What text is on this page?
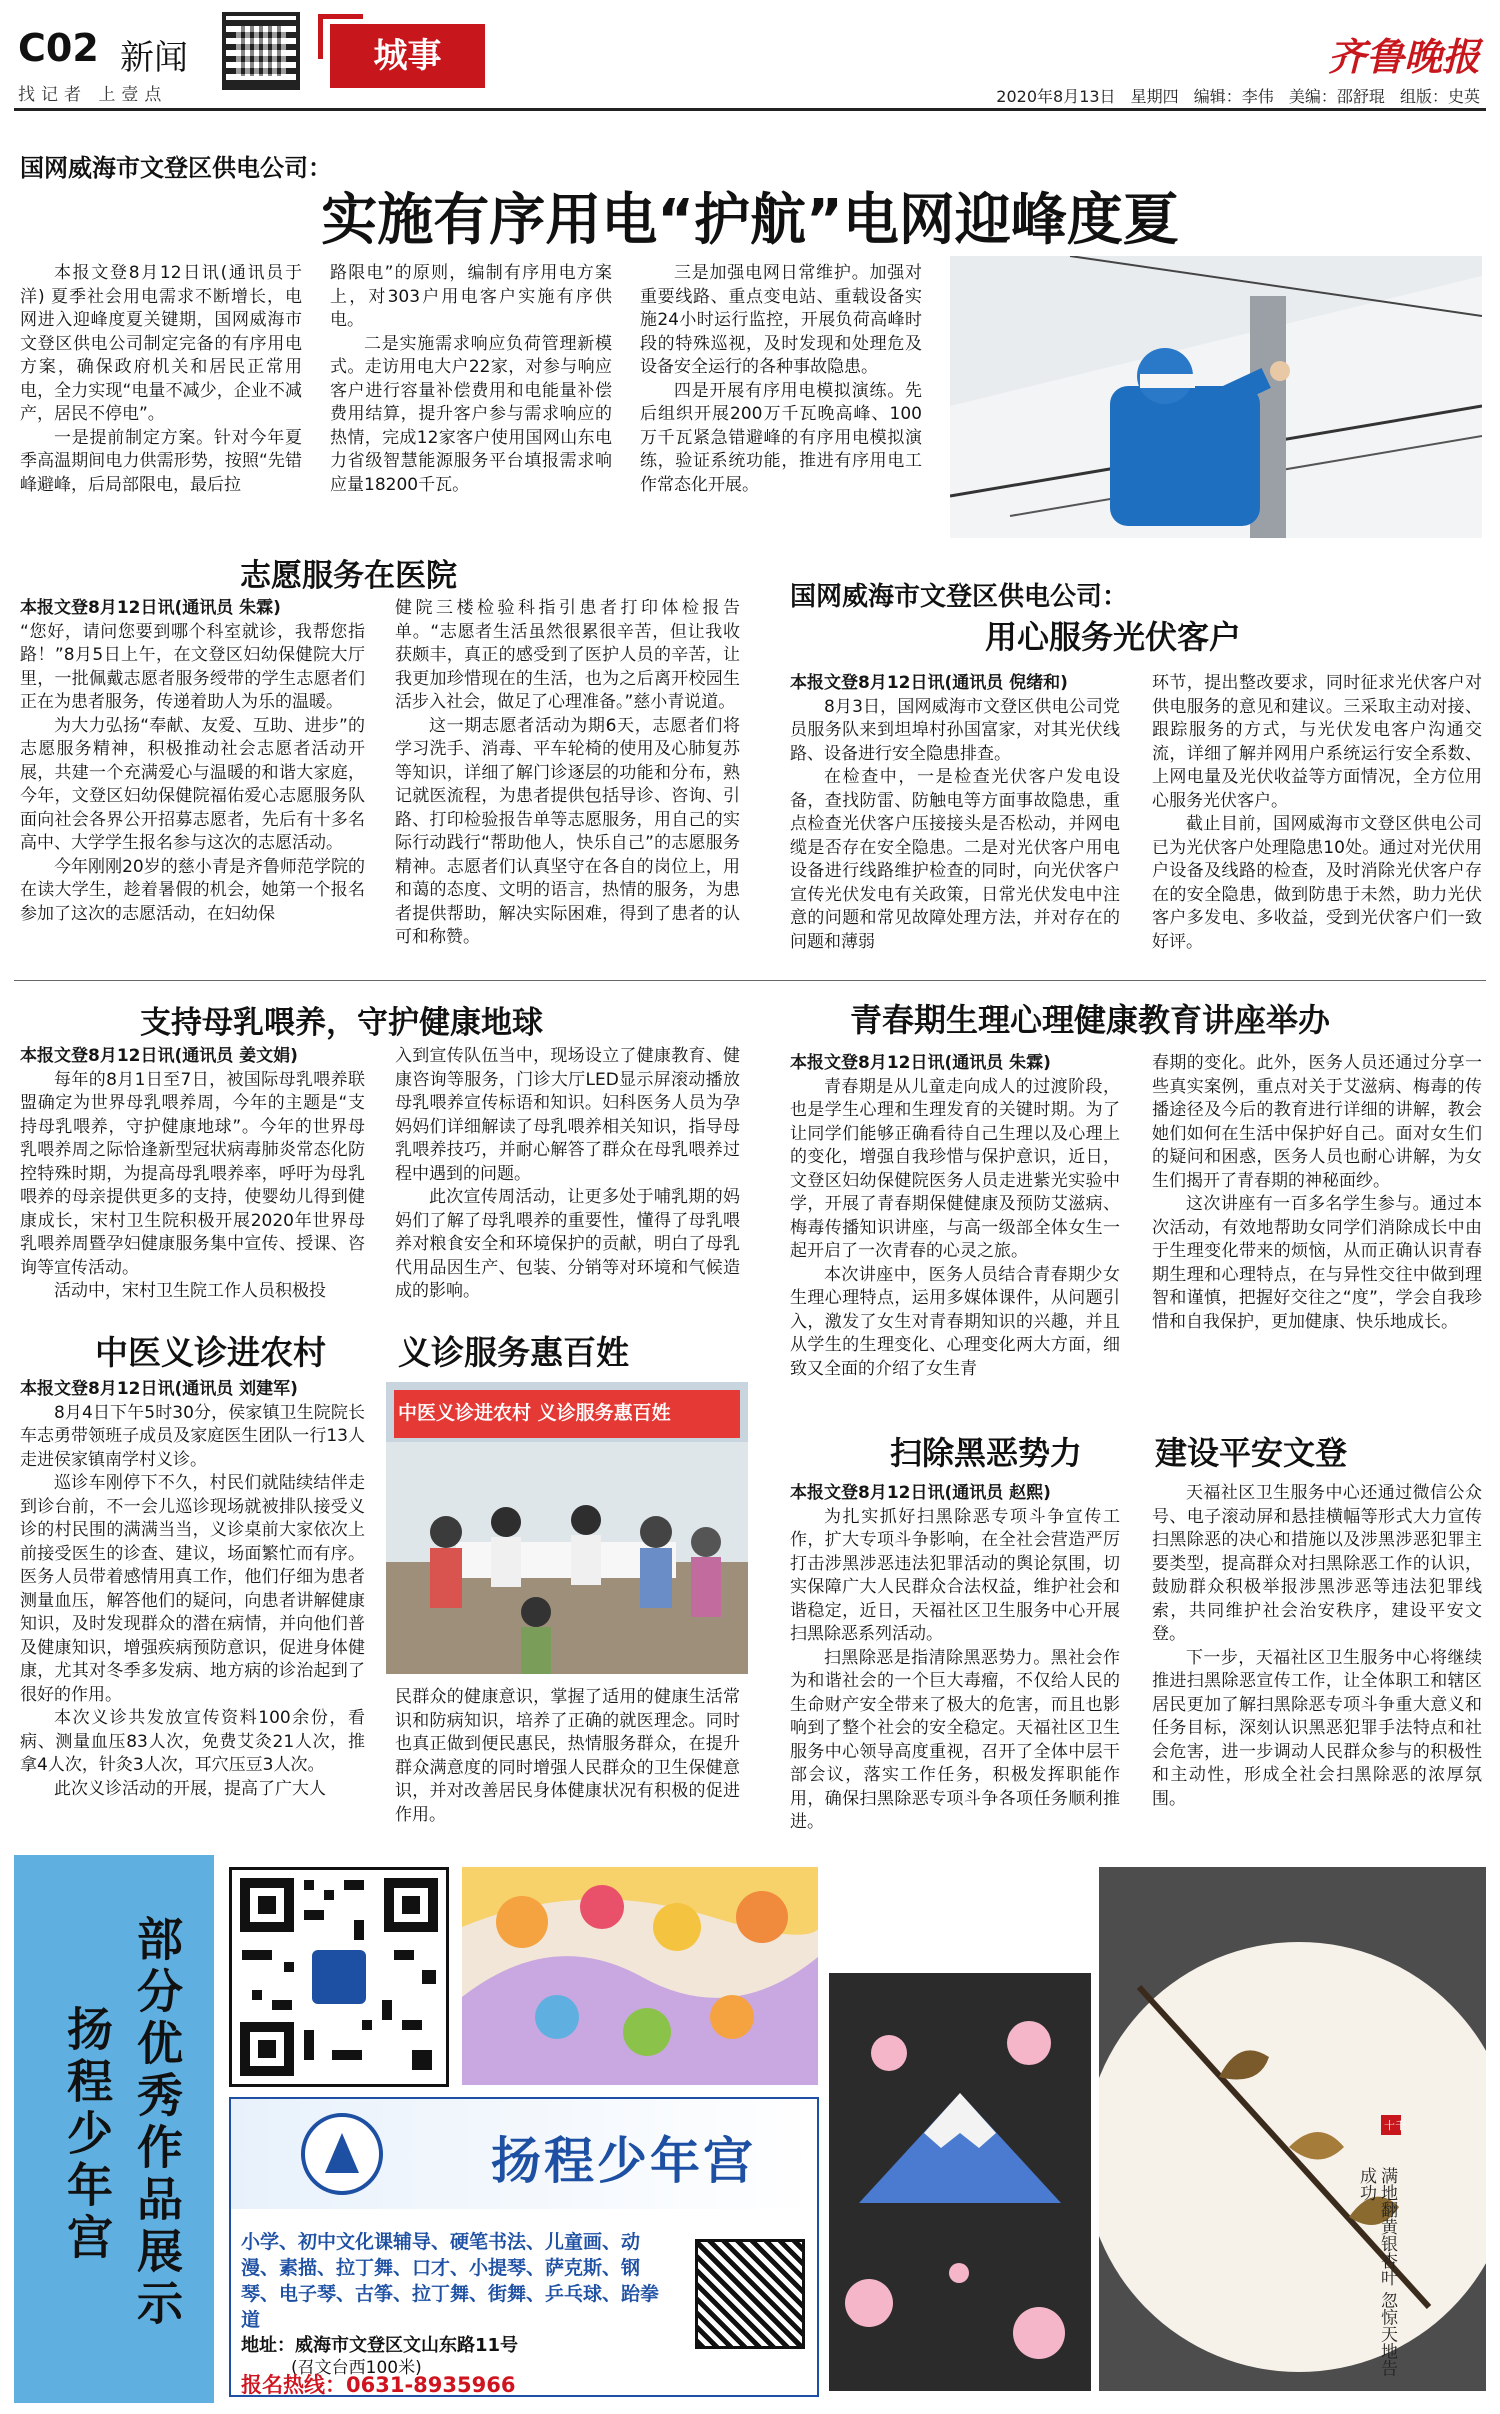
C02 新闻
找记者 上壹点
城事	齐鲁晚报
2020年8月13日 星期四 编辑：李伟 美编：邵舒琨 组版：史英
国网威海市文登区供电公司：
实施有序用电“护航”电网迎峰度夏

本报文登8月12日讯(通讯员于洋) 夏季社会用电需求不断增长，电网进入迎峰度夏关键期，国网威海市文登区供电公司制定完备的有序用电方案，确保政府机关和居民正常用电，全力实现“电量不减少，企业不减产，居民不停电”。

一是提前制定方案。针对今年夏季高温期间电力供需形势，按照“先错峰避峰，后局部限电，最后拉

路限电”的原则，编制有序用电方案上，对303户用电客户实施有序供电。

二是实施需求响应负荷管理新模式。走访用电大户22家，对参与响应客户进行容量补偿费用和电能量补偿费用结算，提升客户参与需求响应的热情，完成12家客户使用国网山东电力省级智慧能源服务平台填报需求响应量18200千瓦。

三是加强电网日常维护。加强对重要线路、重点变电站、重载设备实施24小时运行监控，开展负荷高峰时段的特殊巡视，及时发现和处理危及设备安全运行的各种事故隐患。

四是开展有序用电模拟演练。先后组织开展200万千瓦晚高峰、100万千瓦紧急错避峰的有序用电模拟演练，验证系统功能，推进有序用电工作常态化开展。

志愿服务在医院

本报文登8月12日讯(通讯员 朱霖)

“您好，请问您要到哪个科室就诊，我帮您指路！”8月5日上午，在文登区妇幼保健院大厅里，一批佩戴志愿者服务绶带的学生志愿者们正在为患者服务，传递着助人为乐的温暖。

为大力弘扬“奉献、友爱、互助、进步”的志愿服务精神，积极推动社会志愿者活动开展，共建一个充满爱心与温暖的和谐大家庭，今年，文登区妇幼保健院福佑爱心志愿服务队面向社会各界公开招募志愿者，先后有十多名高中、大学学生报名参与这次的志愿活动。

今年刚刚20岁的慈小青是齐鲁师范学院的在读大学生，趁着暑假的机会，她第一个报名参加了这次的志愿活动，在妇幼保

健院三楼检验科指引患者打印体检报告单。“志愿者生活虽然很累很辛苦，但让我收获颇丰，真正的感受到了医护人员的辛苦，让我更加珍惜现在的生活，也为之后离开校园生活步入社会，做足了心理准备。”慈小青说道。

这一期志愿者活动为期6天，志愿者们将学习洗手、消毒、平车轮椅的使用及心肺复苏等知识，详细了解门诊逐层的功能和分布，熟记就医流程，为患者提供包括导诊、咨询、引路、打印检验报告单等志愿服务，用自己的实际行动践行“帮助他人，快乐自己”的志愿服务精神。志愿者们认真坚守在各自的岗位上，用和蔼的态度、文明的语言，热情的服务，为患者提供帮助，解决实际困难，得到了患者的认可和称赞。

国网威海市文登区供电公司：
用心服务光伏客户

本报文登8月12日讯(通讯员 倪绪和)

8月3日，国网威海市文登区供电公司党员服务队来到坦埠村孙国富家，对其光伏线路、设备进行安全隐患排查。

在检查中，一是检查光伏客户发电设备，查找防雷、防触电等方面事故隐患，重点检查光伏客户压接接头是否松动，并网电缆是否存在安全隐患。二是对光伏客户用电设备进行线路维护检查的同时，向光伏客户宣传光伏发电有关政策，日常光伏发电中注意的问题和常见故障处理方法，并对存在的问题和薄弱

环节，提出整改要求，同时征求光伏客户对供电服务的意见和建议。三采取主动对接、跟踪服务的方式，与光伏发电客户沟通交流，详细了解并网用户系统运行安全系数、上网电量及光伏收益等方面情况，全方位用心服务光伏客户。

截止目前，国网威海市文登区供电公司已为光伏客户处理隐患10处。通过对光伏用户设备及线路的检查，及时消除光伏客户存在的安全隐患，做到防患于未然，助力光伏客户多发电、多收益，受到光伏客户们一致好评。

支持母乳喂养，守护健康地球

本报文登8月12日讯(通讯员 姜文娟)

每年的8月1日至7日，被国际母乳喂养联盟确定为世界母乳喂养周，今年的主题是“支持母乳喂养，守护健康地球”。今年的世界母乳喂养周之际恰逢新型冠状病毒肺炎常态化防控特殊时期，为提高母乳喂养率，呼吁为母乳喂养的母亲提供更多的支持，使婴幼儿得到健康成长，宋村卫生院积极开展2020年世界母乳喂养周暨孕妇健康服务集中宣传、授课、咨询等宣传活动。

活动中，宋村卫生院工作人员积极投

入到宣传队伍当中，现场设立了健康教育、健康咨询等服务，门诊大厅LED显示屏滚动播放母乳喂养宣传标语和知识。妇科医务人员为孕妈妈们详细解读了母乳喂养相关知识，指导母乳喂养技巧，并耐心解答了群众在母乳喂养过程中遇到的问题。

此次宣传周活动，让更多处于哺乳期的妈妈们了解了母乳喂养的重要性，懂得了母乳喂养对粮食安全和环境保护的贡献，明白了母乳代用品因生产、包装、分销等对环境和气候造成的影响。

青春期生理心理健康教育讲座举办

本报文登8月12日讯(通讯员 朱霖)

青春期是从儿童走向成人的过渡阶段，也是学生心理和生理发育的关键时期。为了让同学们能够正确看待自己生理以及心理上的变化，增强自我珍惜与保护意识，近日，文登区妇幼保健院医务人员走进紫光实验中学，开展了青春期保健健康及预防艾滋病、梅毒传播知识讲座，与高一级部全体女生一起开启了一次青春的心灵之旅。

本次讲座中，医务人员结合青春期少女生理心理特点，运用多媒体课件，从问题引入，激发了女生对青春期知识的兴趣，并且从学生的生理变化、心理变化两大方面，细致又全面的介绍了女生青

春期的变化。此外，医务人员还通过分享一些真实案例，重点对关于艾滋病、梅毒的传播途径及今后的教育进行详细的讲解，教会她们如何在生活中保护好自己。面对女生们的疑问和困惑，医务人员也耐心讲解，为女生们揭开了青春期的神秘面纱。

这次讲座有一百多名学生参与。通过本次活动，有效地帮助女同学们消除成长中由于生理变化带来的烦恼，从而正确认识青春期生理和心理特点，在与异性交往中做到理智和谨慎，把握好交往之“度”，学会自我珍惜和自我保护，更加健康、快乐地成长。

中医义诊进农村 义诊服务惠百姓

本报文登8月12日讯(通讯员 刘建军)

8月4日下午5时30分，侯家镇卫生院院长车志勇带领班子成员及家庭医生团队一行13人走进侯家镇南学村义诊。

巡诊车刚停下不久，村民们就陆续结伴走到诊台前，不一会儿巡诊现场就被排队接受义诊的村民围的满满当当，义诊桌前大家依次上前接受医生的诊查、建议，场面繁忙而有序。医务人员带着感情用真工作，他们仔细为患者测量血压，解答他们的疑问，向患者讲解健康知识，及时发现群众的潜在病情，并向他们普及健康知识，增强疾病预防意识，促进身体健康，尤其对冬季多发病、地方病的诊治起到了很好的作用。

本次义诊共发放宣传资料100余份，看病、测量血压83人次，免费艾灸21人次，推拿4人次，针灸3人次，耳穴压豆3人次。

此次义诊活动的开展，提高了广大人

中医义诊进农村 义诊服务惠百姓

民群众的健康意识，掌握了适用的健康生活常识和防病知识，培养了正确的就医理念。同时也真正做到便民惠民，热情服务群众，在提升群众满意度的同时增强人民群众的卫生保健意识，并对改善居民身体健康状况有积极的促进作用。

扫除黑恶势力 建设平安文登

本报文登8月12日讯(通讯员 赵熙)

为扎实抓好扫黑除恶专项斗争宣传工作，扩大专项斗争影响，在全社会营造严厉打击涉黑涉恶违法犯罪活动的舆论氛围，切实保障广大人民群众合法权益，维护社会和谐稳定，近日，天福社区卫生服务中心开展扫黑除恶系列活动。

扫黑除恶是指清除黑恶势力。黑社会作为和谐社会的一个巨大毒瘤，不仅给人民的生命财产安全带来了极大的危害，而且也影响到了整个社会的安全稳定。天福社区卫生服务中心领导高度重视，召开了全体中层干部会议，落实工作任务，积极发挥职能作用，确保扫黑除恶专项斗争各项任务顺利推进。

天福社区卫生服务中心还通过微信公众号、电子滚动屏和悬挂横幅等形式大力宣传扫黑除恶的决心和措施以及涉黑涉恶犯罪主要类型，提高群众对扫黑除恶工作的认识，鼓励群众积极举报涉黑涉恶等违法犯罪线索，共同维护社会治安秩序，建设平安文登。

下一步，天福社区卫生服务中心将继续推进扫黑除恶宣传工作，让全体职工和辖区居民更加了解扫黑除恶专项斗争重大意义和任务目标，深刻认识黑恶犯罪手法特点和社会危害，进一步调动人民群众参与的积极性和主动性，形成全社会扫黑除恶的浓厚氛围。

部分优秀作品展示
扬程少年宫	扬程少年宫
小学、初中文化课辅导、硬笔书法、儿童画、动漫、素描、拉丁舞、口才、小提琴、萨克斯、钢琴、电子琴、古筝、拉丁舞、街舞、乒乓球、跆拳道
地址：威海市文登区文山东路11号
(召文台西100米)
报名热线：0631-8935966
十千
满地翻黄银杏叶 忽惊天地告成功
